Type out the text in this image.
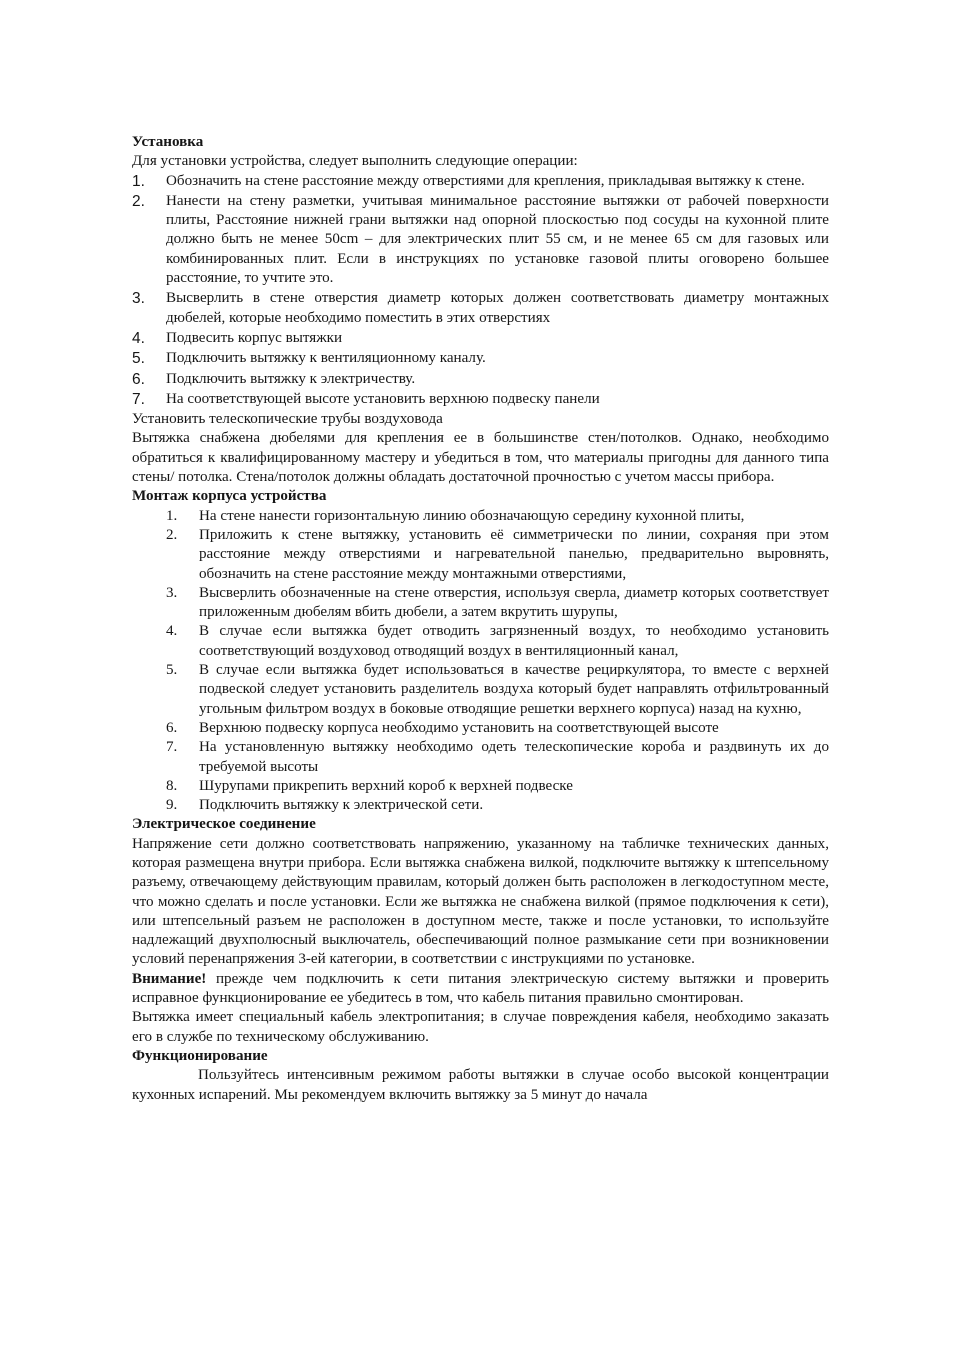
Установка

Для установки устройства, следует выполнить следующие операции:

1. Обозначить на стене расстояние между отверстиями для крепления, прикладывая вытяжку к стене.
2. Нанести на стену разметки, учитывая минимальное расстояние вытяжки от рабочей поверхности плиты, Расстояние нижней грани вытяжки над опорной плоскостью под сосуды на кухонной плите должно быть не менее 50cm – для электрических плит 55 см, и не менее 65 см для газовых или комбинированных плит. Если в инструкциях по установке газовой плиты оговорено большее расстояние, то учтите это.
3. Высверлить в стене отверстия диаметр которых должен соответствовать диаметру монтажных дюбелей, которые необходимо поместить в этих отверстиях
4. Подвесить корпус вытяжки
5. Подключить вытяжку к вентиляционному каналу.
6. Подключить вытяжку к электричеству.
7. На соответствующей высоте установить верхнюю подвеску панели

Установить телескопические трубы воздуховода

Вытяжка снабжена дюбелями для крепления ее в большинстве стен/потолков. Однако, необходимо обратиться к квалифицированному мастеру и убедиться в том, что материалы пригодны для данного типа стены/ потолка. Стена/потолок должны обладать достаточной прочностью с учетом массы прибора.

Монтаж корпуса устройства
1. На стене нанести горизонтальную линию обозначающую середину кухонной плиты,
2. Приложить к стене вытяжку, установить её симметрически по линии, сохраняя при этом расстояние между отверстиями и нагревательной панелью, предварительно выровнять, обозначить на стене расстояние между монтажными отверстиями,
3. Высверлить обозначенные на стене отверстия, используя сверла, диаметр которых соответствует приложенным дюбелям вбить дюбели, а затем вкрутить шурупы,
4. В случае если вытяжка будет отводить загрязненный воздух, то необходимо установить соответствующий воздуховод отводящий воздух в вентиляционный канал,
5. В случае если вытяжка будет использоваться в качестве рециркулятора, то вместе с верхней подвеской следует установить разделитель воздуха который будет направлять отфильтрованный угольным фильтром воздух в боковые отводящие решетки верхнего корпуса) назад на кухню,
6. Верхнюю подвеску корпуса необходимо установить на соответствующей высоте
7. На установленную вытяжку необходимо одеть телескопические короба и раздвинуть их до требуемой высоты
8. Шурупами прикрепить верхний короб к верхней подвеске
9. Подключить вытяжку к электрической сети.
Электрическое соединение

Напряжение сети должно соответствовать напряжению, указанному на табличке технических данных, которая размещена внутри прибора. Если вытяжка снабжена вилкой, подключите вытяжку к штепсельному разъему, отвечающему действующим правилам, который должен быть расположен в легкодоступном месте, что можно сделать и после установки. Если же вытяжка не снабжена вилкой (прямое подключения к сети), или штепсельный разъем не расположен в доступном месте, также и после установки, то используйте надлежащий двухполюсный выключатель, обеспечивающий полное размыкание сети при возникновении условий перенапряжения 3-ей категории, в соответствии с инструкциями по установке.

Внимание! прежде чем подключить к сети питания электрическую систему вытяжки и проверить исправное функционирование ее убедитесь в том, что кабель питания правильно смонтирован.

Вытяжка имеет специальный кабель электропитания; в случае повреждения кабеля, необходимо заказать его в службе по техническому обслуживанию.

Функционирование

Пользуйтесь интенсивным режимом работы вытяжки в случае особо высокой концентрации кухонных испарений. Мы рекомендуем включить вытяжку за 5 минут до начала
